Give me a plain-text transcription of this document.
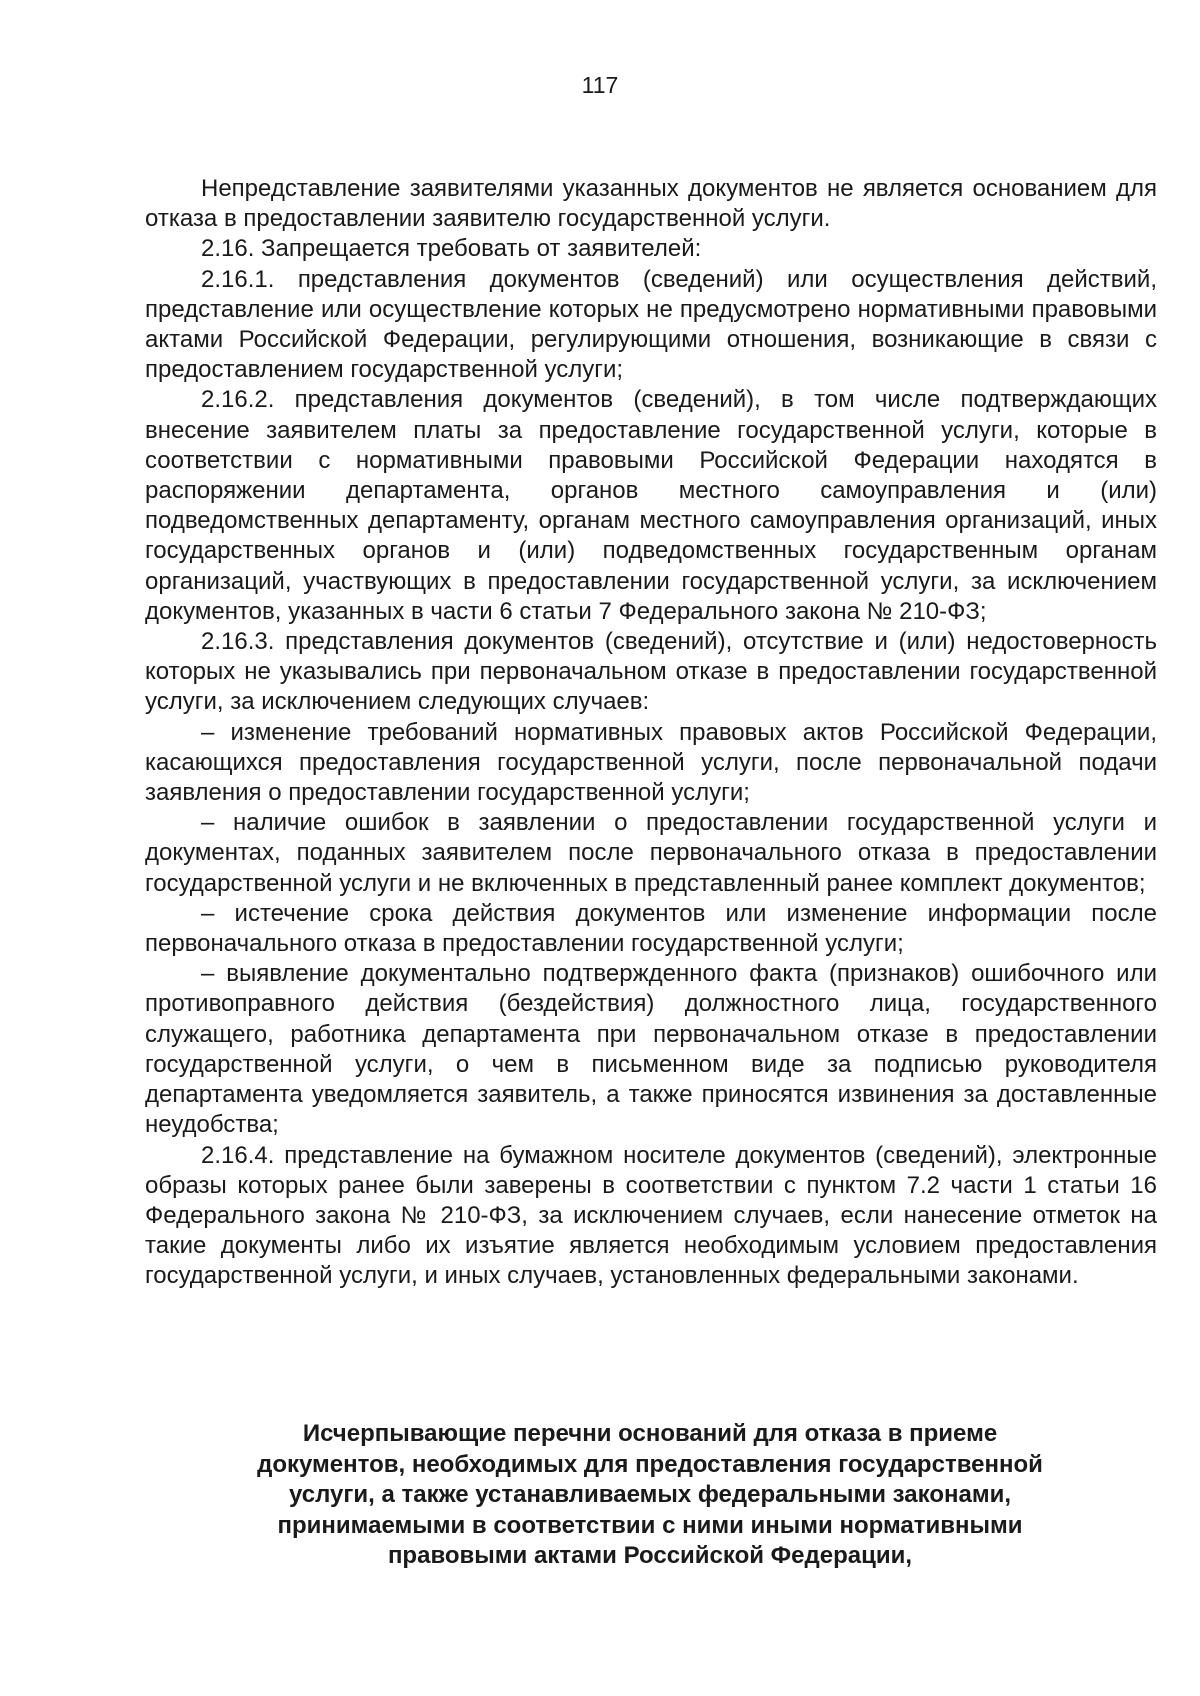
117

Непредставление заявителями указанных документов не является основанием для отказа в предоставлении заявителю государственной услуги.

2.16. Запрещается требовать от заявителей:

2.16.1. представления документов (сведений) или осуществления действий, представление или осуществление которых не предусмотрено нормативными правовыми актами Российской Федерации, регулирующими отношения, возникающие в связи с предоставлением государственной услуги;

2.16.2. представления документов (сведений), в том числе подтверждающих внесение заявителем платы за предоставление государственной услуги, которые в соответствии с нормативными правовыми Российской Федерации находятся в распоряжении департамента, органов местного самоуправления и (или) подведомственных департаменту, органам местного самоуправления организаций, иных государственных органов и (или) подведомственных государственным органам организаций, участвующих в предоставлении государственной услуги, за исключением документов, указанных в части 6 статьи 7 Федерального закона № 210-ФЗ;

2.16.3. представления документов (сведений), отсутствие и (или) недостоверность которых не указывались при первоначальном отказе в предоставлении государственной услуги, за исключением следующих случаев:

– изменение требований нормативных правовых актов Российской Федерации, касающихся предоставления государственной услуги, после первоначальной подачи заявления о предоставлении государственной услуги;

– наличие ошибок в заявлении о предоставлении государственной услуги и документах, поданных заявителем после первоначального отказа в предоставлении государственной услуги и не включенных в представленный ранее комплект документов;

– истечение срока действия документов или изменение информации после первоначального отказа в предоставлении государственной услуги;

– выявление документально подтвержденного факта (признаков) ошибочного или противоправного действия (бездействия) должностного лица, государственного служащего, работника департамента при первоначальном отказе в предоставлении государственной услуги, о чем в письменном виде за подписью руководителя департамента уведомляется заявитель, а также приносятся извинения за доставленные неудобства;

2.16.4. представление на бумажном носителе документов (сведений), электронные образы которых ранее были заверены в соответствии с пунктом 7.2 части 1 статьи 16 Федерального закона № 210-ФЗ, за исключением случаев, если нанесение отметок на такие документы либо их изъятие является необходимым условием предоставления государственной услуги, и иных случаев, установленных федеральными законами.

Исчерпывающие перечни оснований для отказа в приеме
документов, необходимых для предоставления государственной
услуги, а также устанавливаемых федеральными законами,
принимаемыми в соответствии с ними иными нормативными
правовыми актами Российской Федерации,
